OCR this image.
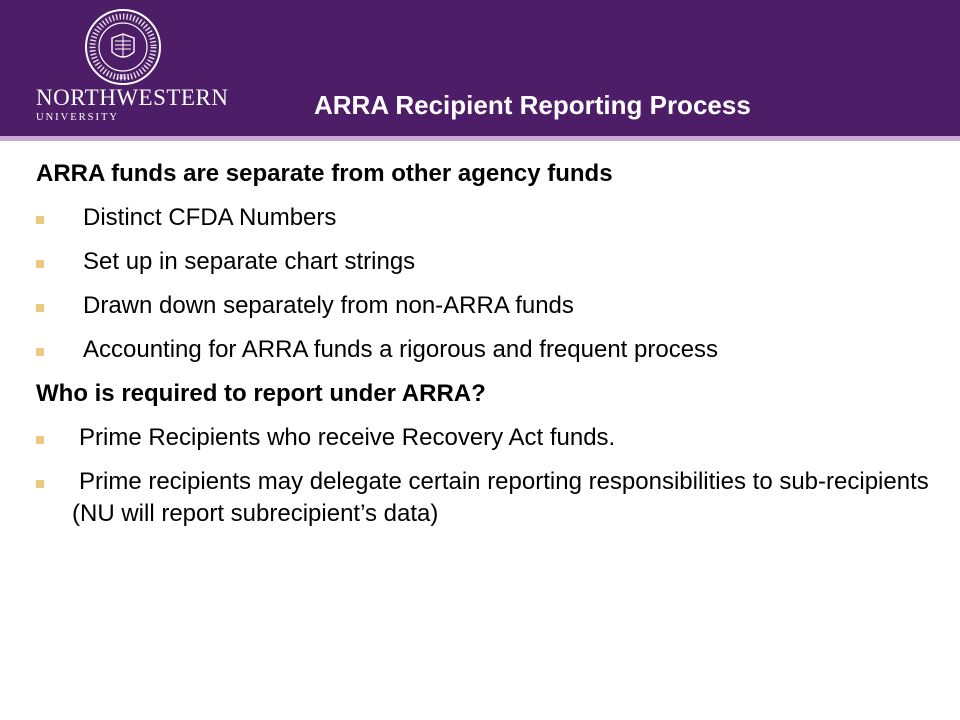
1851
NORTHWESTERN
UNIVERSITY	ARRA Recipient Reporting Process
ARRA funds are separate from other agency funds
Distinct CFDA Numbers
Set up in separate chart strings
Drawn down separately from non-ARRA funds
Accounting for ARRA funds a rigorous and frequent process
Who is required to report under ARRA?
Prime Recipients who receive Recovery Act funds.
Prime recipients may delegate certain reporting responsibilities to sub-recipients (NU will report subrecipient’s data)
